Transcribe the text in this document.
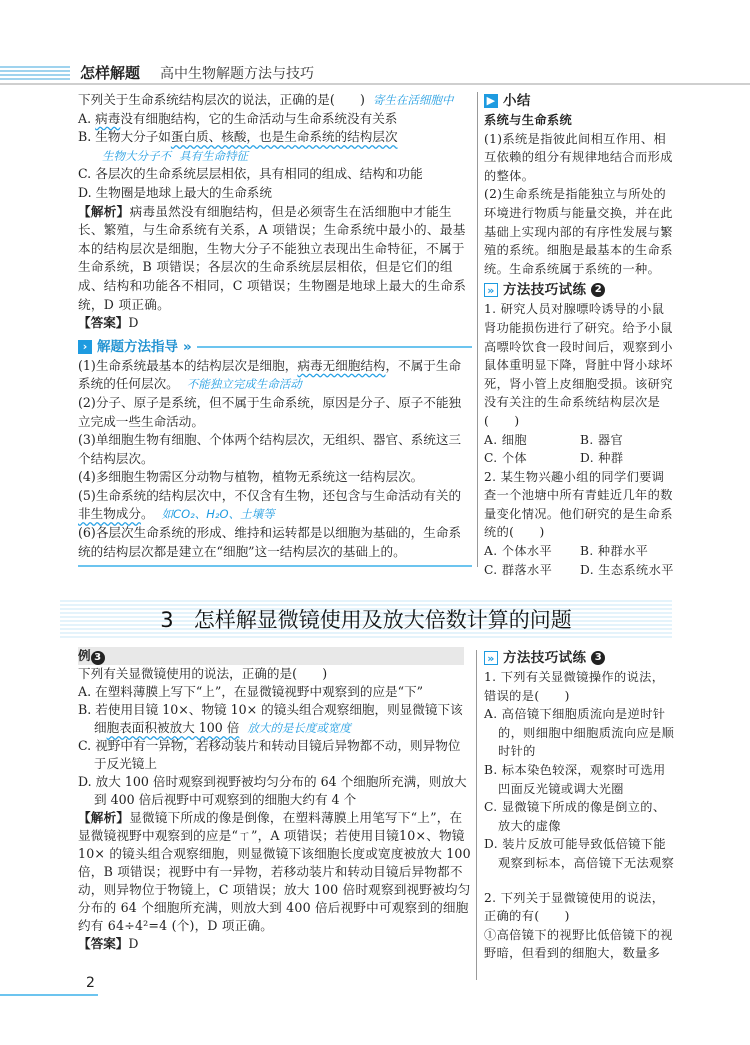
怎样解题 高中生物解题方法与技巧

下列关于生命系统结构层次的说法，正确的是(　　) 寄生在活细胞中

A. 病毒没有细胞结构，它的生命活动与生命系统没有关系

B. 生物大分子如蛋白质、核酸，也是生命系统的结构层次生物大分子不 具有生命特征

C. 各层次的生命系统层层相依，具有相同的组成、结构和功能

D. 生物圈是地球上最大的生命系统

【解析】病毒虽然没有细胞结构，但是必须寄生在活细胞中才能生长、繁殖，与生命系统有关系，A 项错误；生命系统中最小的、最基本的结构层次是细胞，生物大分子不能独立表现出生命特征，不属于生命系统，B 项错误；各层次的生命系统层层相依，但是它们的组成、结构和功能各不相同，C 项错误；生物圈是地球上最大的生命系统，D 项正确。

【答案】D

› 解题方法指导 »

(1)生命系统最基本的结构层次是细胞，病毒无细胞结构，不属于生命系统的任何层次。 不能独立完成生命活动

(2)分子、原子是系统，但不属于生命系统，原因是分子、原子不能独立完成一些生命活动。

(3)单细胞生物有细胞、个体两个结构层次，无组织、器官、系统这三个结构层次。

(4)多细胞生物需区分动物与植物，植物无系统这一结构层次。

(5)生命系统的结构层次中，不仅含有生物，还包含与生命活动有关的非生物成分。 如CO₂、H₂O、土壤等

(6)各层次生命系统的形成、维持和运转都是以细胞为基础的，生命系统的结构层次都是建立在“细胞”这一结构层次的基础上的。

▶ 小结

系统与生命系统

(1)系统是指彼此间相互作用、相互依赖的组分有规律地结合而形成的整体。

(2)生命系统是指能独立与所处的环境进行物质与能量交换，并在此基础上实现内部的有序性发展与繁殖的系统。细胞是最基本的生命系统。生命系统属于系统的一种。

» 方法技巧试练 2

1. 研究人员对腺嘌呤诱导的小鼠肾功能损伤进行了研究。给予小鼠高嘌呤饮食一段时间后，观察到小鼠体重明显下降，肾脏中肾小球坏死，肾小管上皮细胞受损。该研究没有关注的生命系统结构层次是(　　)

A. 细胞	B. 器官
C. 个体	D. 种群

2. 某生物兴趣小组的同学们要调查一个池塘中所有青蛙近几年的数量变化情况。他们研究的是生命系统的(　　)

A. 个体水平	B. 种群水平
C. 群落水平	D. 生态系统水平
3 怎样解显微镜使用及放大倍数计算的问题

例 3

下列有关显微镜使用的说法，正确的是(　　)

A. 在塑料薄膜上写下“上”，在显微镜视野中观察到的应是“下”

B. 若使用目镜 10×、物镜 10× 的镜头组合观察细胞，则显微镜下该细胞表面积被放大 100 倍 放大的是长度或宽度

C. 视野中有一异物，若移动装片和转动目镜后异物都不动，则异物位于反光镜上

D. 放大 100 倍时观察到视野被均匀分布的 64 个细胞所充满，则放大到 400 倍后视野中可观察到的细胞大约有 4 个

【解析】显微镜下所成的像是倒像，在塑料薄膜上用笔写下“上”，在显微镜视野中观察到的应是“ㄒ”，A 项错误；若使用目镜10×、物镜10× 的镜头组合观察细胞，则显微镜下该细胞长度或宽度被放大 100 倍，B 项错误；视野中有一异物，若移动装片和转动目镜后异物都不动，则异物位于物镜上，C 项错误；放大 100 倍时观察到视野被均匀分布的 64 个细胞所充满，则放大到 400 倍后视野中可观察到的细胞约有 64÷4²=4 (个)，D 项正确。

【答案】D

» 方法技巧试练 3

1. 下列有关显微镜操作的说法，错误的是(　　)

A. 高倍镜下细胞质流向是逆时针的，则细胞中细胞质流向应是顺时针的

B. 标本染色较深，观察时可选用凹面反光镜或调大光圈

C. 显微镜下所成的像是倒立的、放大的虚像

D. 装片反放可能导致低倍镜下能观察到标本，高倍镜下无法观察

2. 下列关于显微镜使用的说法，正确的有(　　)

①高倍镜下的视野比低倍镜下的视野暗，但看到的细胞大，数量多

2
